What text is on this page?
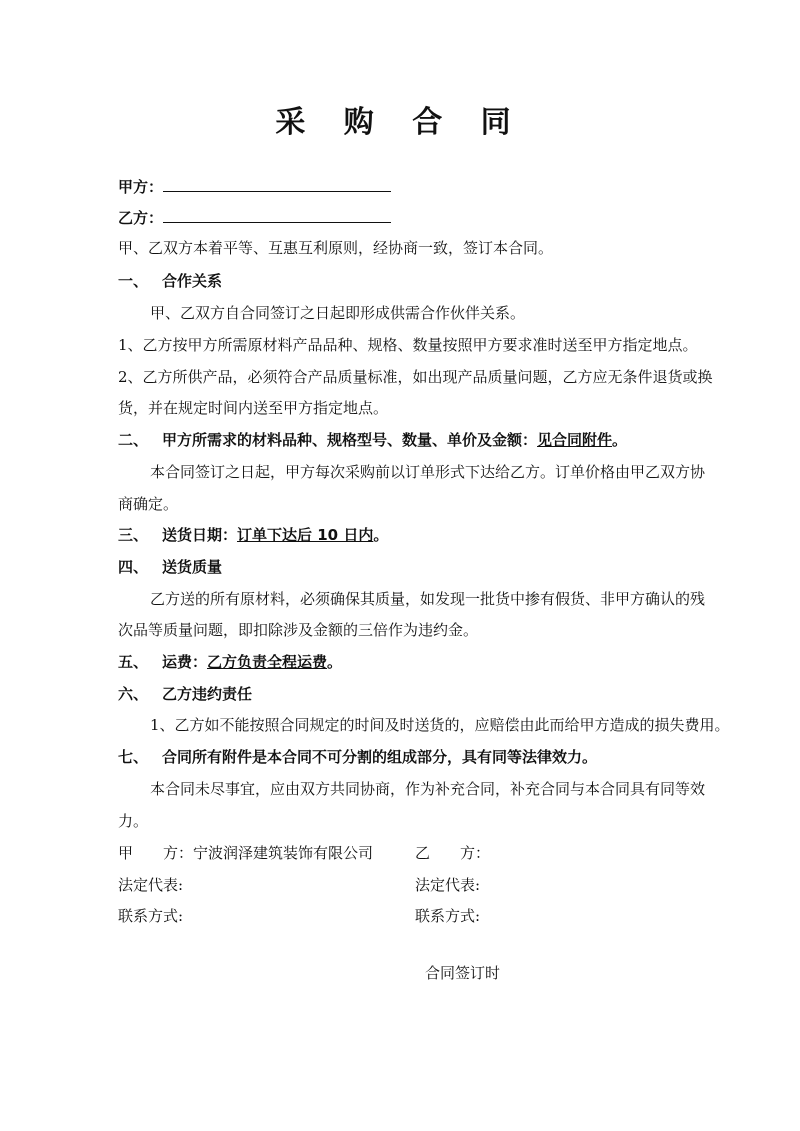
采 购 合 同
甲方：
乙方：
甲、乙双方本着平等、互惠互利原则，经协商一致，签订本合同。
一、 合作关系
甲、乙双方自合同签订之日起即形成供需合作伙伴关系。
1、乙方按甲方所需原材料产品品种、规格、数量按照甲方要求准时送至甲方指定地点。
2、乙方所供产品，必须符合产品质量标准，如出现产品质量问题，乙方应无条件退货或换
货，并在规定时间内送至甲方指定地点。
二、 甲方所需求的材料品种、规格型号、数量、单价及金额：见合同附件。
本合同签订之日起，甲方每次采购前以订单形式下达给乙方。订单价格由甲乙双方协
商确定。
三、 送货日期：订单下达后 10 日内。
四、 送货质量
乙方送的所有原材料，必须确保其质量，如发现一批货中掺有假货、非甲方确认的残
次品等质量问题，即扣除涉及金额的三倍作为违约金。
五、 运费：乙方负责全程运费。
六、 乙方违约责任
1、乙方如不能按照合同规定的时间及时送货的，应赔偿由此而给甲方造成的损失费用。
七、 合同所有附件是本合同不可分割的组成部分，具有同等法律效力。
本合同未尽事宜，应由双方共同协商，作为补充合同，补充合同与本合同具有同等效
力。
甲　　方：宁波润泽建筑装饰有限公司	乙　　方：
法定代表:	法定代表:
联系方式:	联系方式:
合同签订时
